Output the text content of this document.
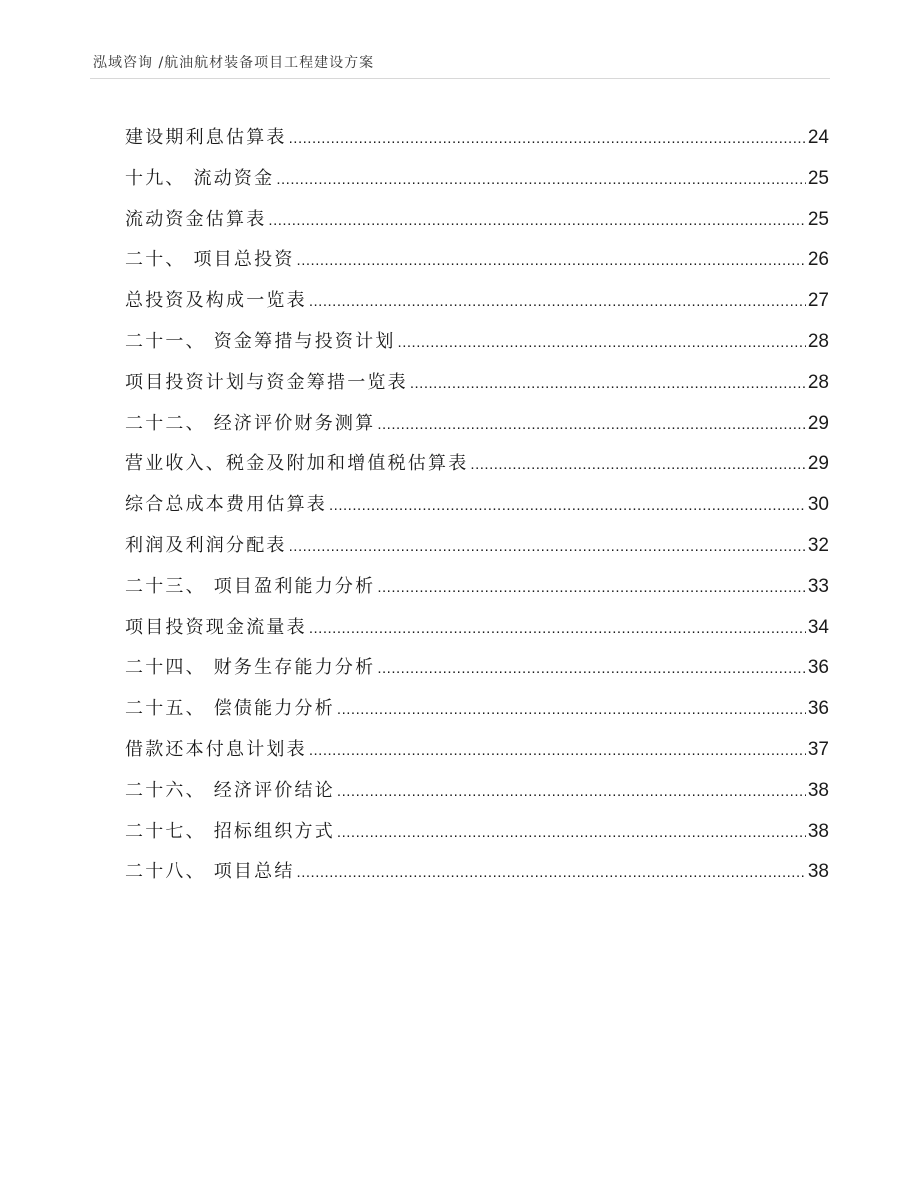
泓域咨询 /航油航材装备项目工程建设方案
建设期利息估算表 .....	24
十九、 流动资金 .....	25
流动资金估算表 .....	25
二十、 项目总投资 .....	26
总投资及构成一览表 .....	27
二十一、 资金筹措与投资计划 .....	28
项目投资计划与资金筹措一览表 .....	28
二十二、 经济评价财务测算 .....	29
营业收入、税金及附加和增值税估算表 .....	29
综合总成本费用估算表 .....	30
利润及利润分配表 .....	32
二十三、 项目盈利能力分析 .....	33
项目投资现金流量表 .....	34
二十四、 财务生存能力分析 .....	36
二十五、 偿债能力分析 .....	36
借款还本付息计划表 .....	37
二十六、 经济评价结论 .....	38
二十七、 招标组织方式 .....	38
二十八、 项目总结 .....	38
